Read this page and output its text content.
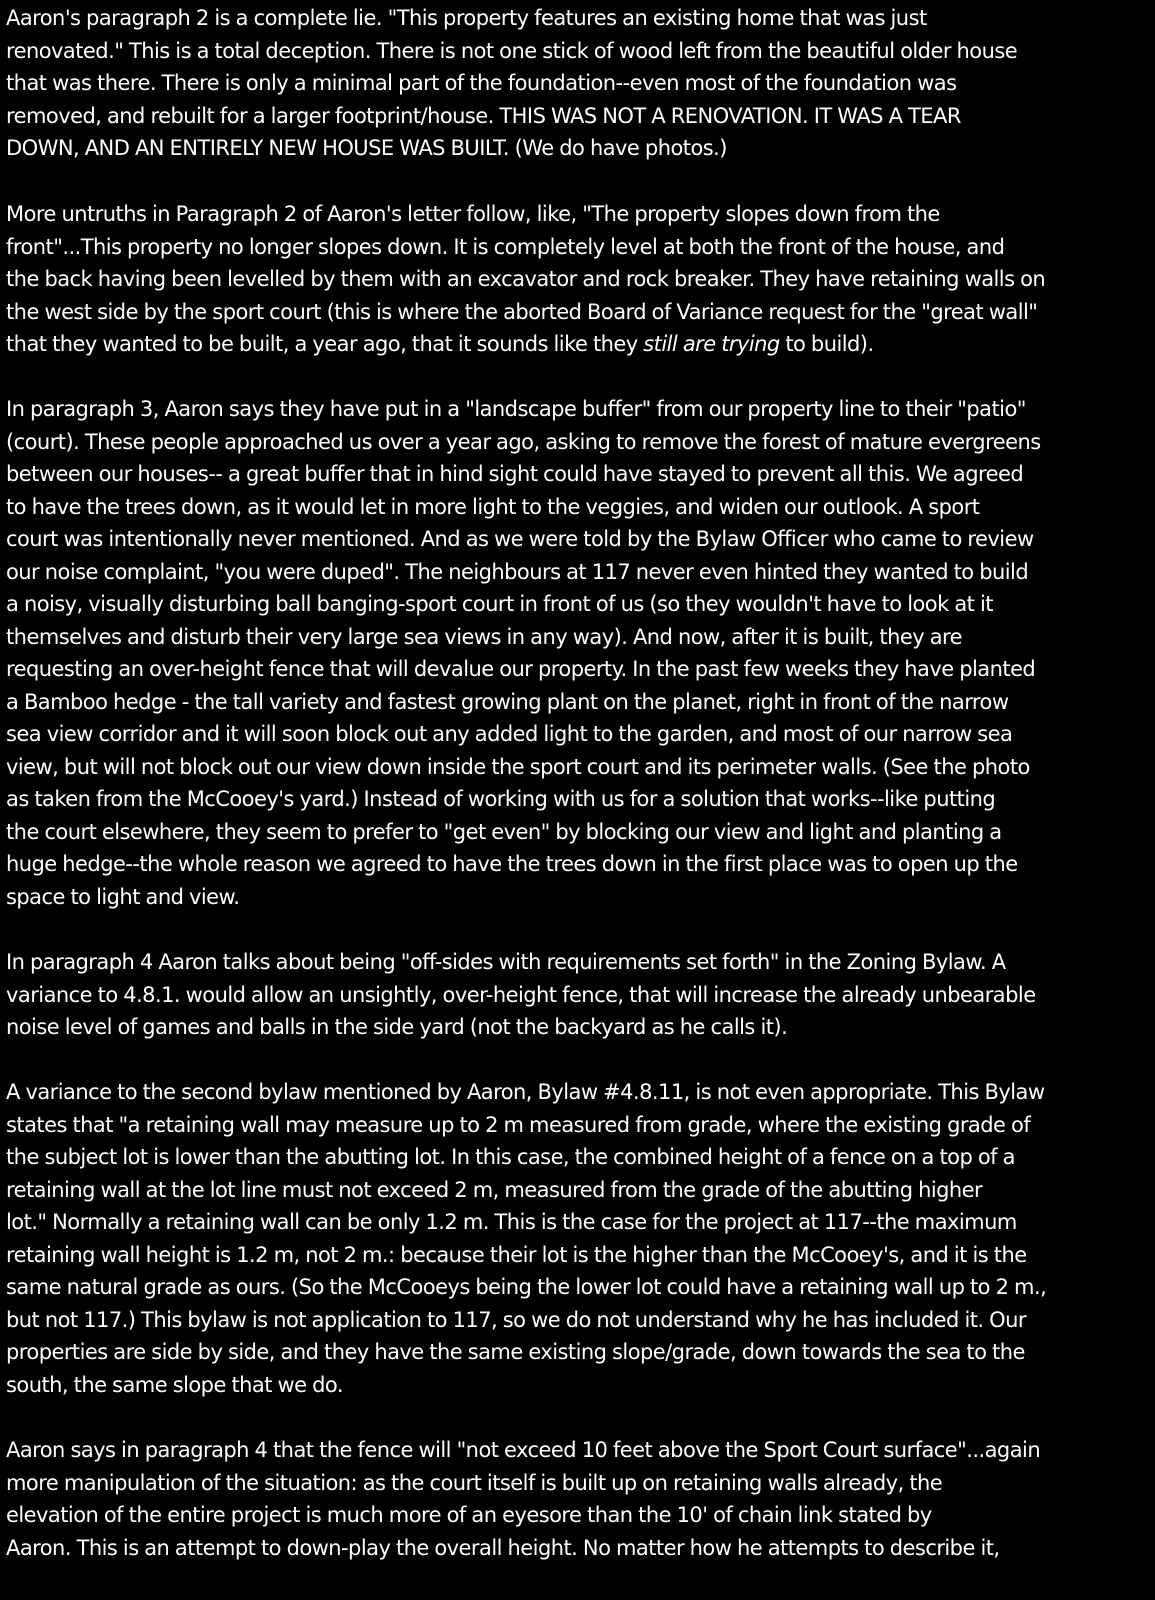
Aaron's paragraph 2 is a complete lie. "This property features an existing home that was just
renovated." This is a total deception. There is not one stick of wood left from the beautiful older house
that was there. There is only a minimal part of the foundation--even most of the foundation was
removed, and rebuilt for a larger footprint/house. THIS WAS NOT A RENOVATION. IT WAS A TEAR
DOWN, AND AN ENTIRELY NEW HOUSE WAS BUILT. (We do have photos.)

More untruths in Paragraph 2 of Aaron's letter follow, like, "The property slopes down from the
front"...This property no longer slopes down. It is completely level at both the front of the house, and
the back having been levelled by them with an excavator and rock breaker. They have retaining walls on
the west side by the sport court (this is where the aborted Board of Variance request for the "great wall"
that they wanted to be built, a year ago, that it sounds like they still are trying to build).

In paragraph 3, Aaron says they have put in a "landscape buffer" from our property line to their "patio"
(court). These people approached us over a year ago, asking to remove the forest of mature evergreens
between our houses-- a great buffer that in hind sight could have stayed to prevent all this. We agreed
to have the trees down, as it would let in more light to the veggies, and widen our outlook. A sport
court was intentionally never mentioned. And as we were told by the Bylaw Officer who came to review
our noise complaint, "you were duped". The neighbours at 117 never even hinted they wanted to build
a noisy, visually disturbing ball banging-sport court in front of us (so they wouldn't have to look at it
themselves and disturb their very large sea views in any way). And now, after it is built, they are
requesting an over-height fence that will devalue our property. In the past few weeks they have planted
a Bamboo hedge - the tall variety and fastest growing plant on the planet, right in front of the narrow
sea view corridor and it will soon block out any added light to the garden, and most of our narrow sea
view, but will not block out our view down inside the sport court and its perimeter walls. (See the photo
as taken from the McCooey's yard.) Instead of working with us for a solution that works--like putting
the court elsewhere, they seem to prefer to "get even" by blocking our view and light and planting a
huge hedge--the whole reason we agreed to have the trees down in the first place was to open up the
space to light and view.

In paragraph 4 Aaron talks about being "off-sides with requirements set forth" in the Zoning Bylaw. A
variance to 4.8.1. would allow an unsightly, over-height fence, that will increase the already unbearable
noise level of games and balls in the side yard (not the backyard as he calls it).

A variance to the second bylaw mentioned by Aaron, Bylaw #4.8.11, is not even appropriate. This Bylaw
states that "a retaining wall may measure up to 2 m measured from grade, where the existing grade of
the subject lot is lower than the abutting lot. In this case, the combined height of a fence on a top of a
retaining wall at the lot line must not exceed 2 m, measured from the grade of the abutting higher
lot." Normally a retaining wall can be only 1.2 m. This is the case for the project at 117--the maximum
retaining wall height is 1.2 m, not 2 m.: because their lot is the higher than the McCooey's, and it is the
same natural grade as ours. (So the McCooeys being the lower lot could have a retaining wall up to 2 m.,
but not 117.) This bylaw is not application to 117, so we do not understand why he has included it. Our
properties are side by side, and they have the same existing slope/grade, down towards the sea to the
south, the same slope that we do.

Aaron says in paragraph 4 that the fence will "not exceed 10 feet above the Sport Court surface"...again
more manipulation of the situation: as the court itself is built up on retaining walls already, the
elevation of the entire project is much more of an eyesore than the 10' of chain link stated by
Aaron. This is an attempt to down-play the overall height. No matter how he attempts to describe it,
